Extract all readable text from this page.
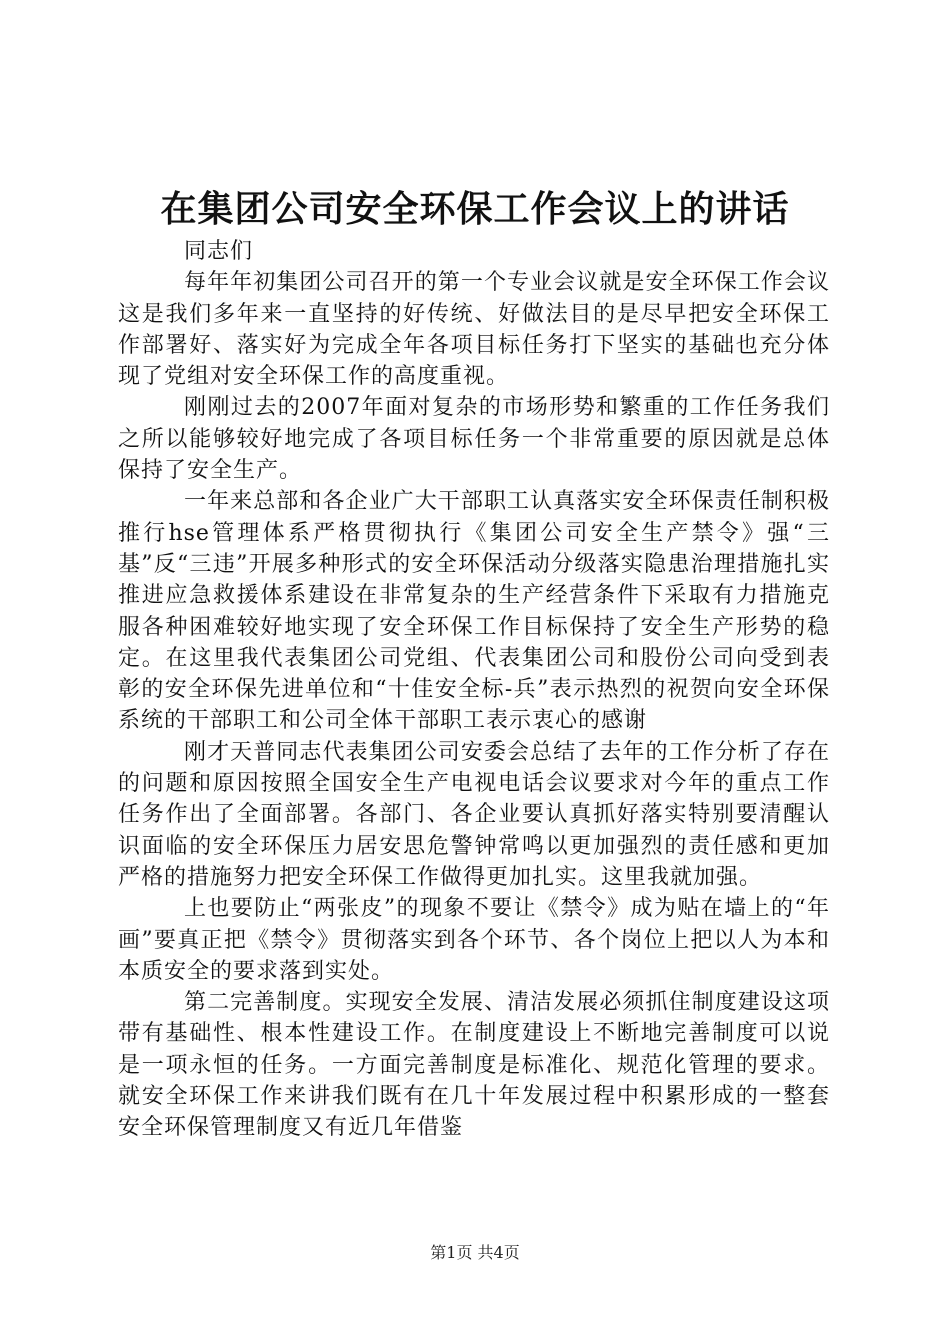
在集团公司安全环保工作会议上的讲话

同志们

每年年初集团公司召开的第一个专业会议就是安全环保工作会议这是我们多年来一直坚持的好传统、好做法目的是尽早把安全环保工作部署好、落实好为完成全年各项目标任务打下坚实的基础也充分体现了党组对安全环保工作的高度重视。

刚刚过去的2007年面对复杂的市场形势和繁重的工作任务我们之所以能够较好地完成了各项目标任务一个非常重要的原因就是总体保持了安全生产。

一年来总部和各企业广大干部职工认真落实安全环保责任制积极推行hse管理体系严格贯彻执行《集团公司安全生产禁令》强“三基”反“三违”开展多种形式的安全环保活动分级落实隐患治理措施扎实推进应急救援体系建设在非常复杂的生产经营条件下采取有力措施克服各种困难较好地实现了安全环保工作目标保持了安全生产形势的稳定。在这里我代表集团公司党组、代表集团公司和股份公司向受到表彰的安全环保先进单位和“十佳安全标-兵”表示热烈的祝贺向安全环保系统的干部职工和公司全体干部职工表示衷心的感谢

刚才天普同志代表集团公司安委会总结了去年的工作分析了存在的问题和原因按照全国安全生产电视电话会议要求对今年的重点工作任务作出了全面部署。各部门、各企业要认真抓好落实特别要清醒认识面临的安全环保压力居安思危警钟常鸣以更加强烈的责任感和更加严格的措施努力把安全环保工作做得更加扎实。这里我就加强。

上也要防止“两张皮”的现象不要让《禁令》成为贴在墙上的“年画”要真正把《禁令》贯彻落实到各个环节、各个岗位上把以人为本和本质安全的要求落到实处。

第二完善制度。实现安全发展、清洁发展必须抓住制度建设这项带有基础性、根本性建设工作。在制度建设上不断地完善制度可以说是一项永恒的任务。一方面完善制度是标准化、规范化管理的要求。就安全环保工作来讲我们既有在几十年发展过程中积累形成的一整套安全环保管理制度又有近几年借鉴

第1页 共4页
